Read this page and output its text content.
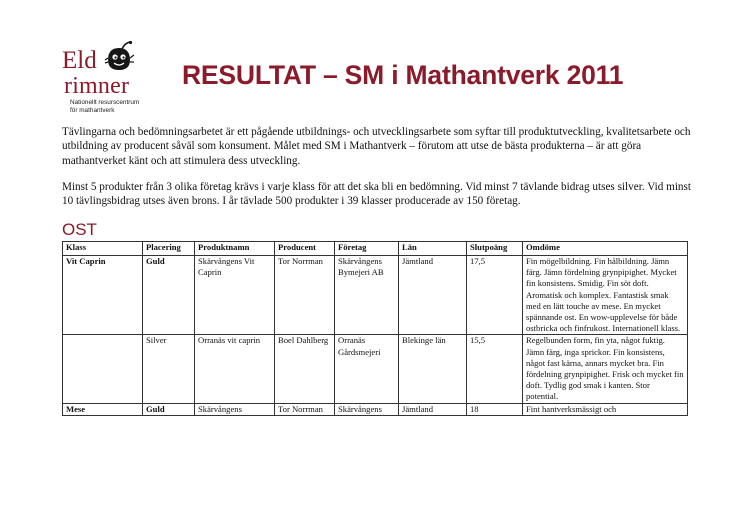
Eld
rimner
Nationellt resurscentrum
för mathantverk
RESULTAT – SM i Mathantverk 2011
Tävlingarna och bedömningsarbetet är ett pågående utbildnings- och utvecklingsarbete som syftar till produktutveckling, kvalitetsarbete och utbildning av producent såväl som konsument. Målet med SM i Mathantverk – förutom att utse de bästa produkterna – är att göra mathantverket känt och att stimulera dess utveckling.
Minst 5 produkter från 3 olika företag krävs i varje klass för att det ska bli en bedömning. Vid minst 7 tävlande bidrag utses silver. Vid minst 10 tävlingsbidrag utses även brons. I år tävlade 500 produkter i 39 klasser producerade av 150 företag.
OST
Klass	Placering	Produktnamn	Producent	Företag	Län	Slutpoäng	Omdöme
Vit Caprin	Guld	Skärvångens Vit Caprin	Tor Norrman	Skärvångens Bymejeri AB	Jämtland	17,5	Fin mögelbildning. Fin hålbildning. Jämn färg. Jämn fördelning grynpipighet. Mycket fin konsistens. Smidig. Fin söt doft. Aromatisk och komplex. Fantastisk smak med en lätt touche av mese. En mycket spännande ost. En wow-upplevelse för både ostbricka och finfrukost. Internationell klass.
	Silver	Orranäs vit caprin	Boel Dahlberg	Orranäs Gårdsmejeri	Blekinge län	15,5	Regelbunden form, fin yta, något fuktig. Jämn färg, inga sprickor. Fin konsistens, något fast kärna, annars mycket bra. Fin fördelning grynpipighet. Frisk och mycket fin doft. Tydlig god smak i kanten. Stor potential.
Mese	Guld	Skärvångens	Tor Norrman	Skärvångens	Jämtland	18	Fint hantverksmässigt och
